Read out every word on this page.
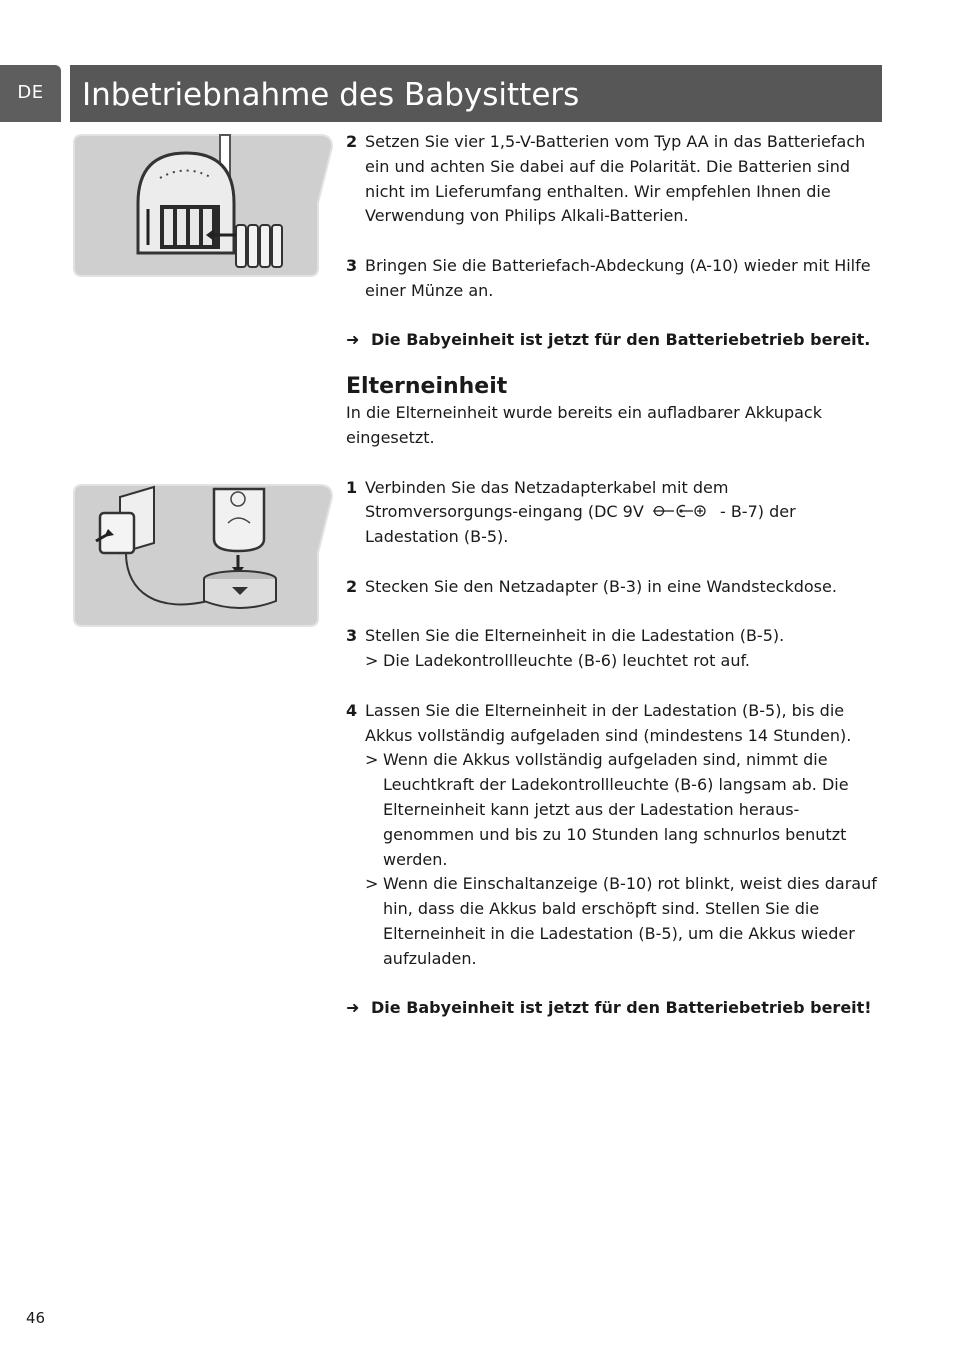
DE	Inbetriebnahme des Babysitters
2 Setzen Sie vier 1,5-V-Batterien vom Typ AA in das Batteriefach ein und achten Sie dabei auf die Polarität. Die Batterien sind nicht im Lieferumfang enthalten. Wir empfehlen Ihnen die Verwendung von Philips Alkali-Batterien.
3 Bringen Sie die Batteriefach-Abdeckung (A-10) wieder mit Hilfe einer Münze an.
➜ Die Babyeinheit ist jetzt für den Batteriebetrieb bereit.
Elterneinheit
In die Elterneinheit wurde bereits ein aufladbarer Akkupack eingesetzt.
1 Verbinden Sie das Netzadapterkabel mit dem Stromversorgungs-eingang (DC 9V	- B-7) der Ladestation (B-5).
2 Stecken Sie den Netzadapter (B-3) in eine Wandsteckdose.
3 Stellen Sie die Elterneinheit in die Ladestation (B-5).
> Die Ladekontrollleuchte (B-6) leuchtet rot auf.
4 Lassen Sie die Elterneinheit in der Ladestation (B-5), bis die Akkus vollständig aufgeladen sind (mindestens 14 Stunden).
> Wenn die Akkus vollständig aufgeladen sind, nimmt die Leuchtkraft der Ladekontrollleuchte (B-6) langsam ab. Die Elterneinheit kann jetzt aus der Ladestation heraus-genommen und bis zu 10 Stunden lang schnurlos benutzt werden.
> Wenn die Einschaltanzeige (B-10) rot blinkt, weist dies darauf hin, dass die Akkus bald erschöpft sind. Stellen Sie die Elterneinheit in die Ladestation (B-5), um die Akkus wieder aufzuladen.
➜ Die Babyeinheit ist jetzt für den Batteriebetrieb bereit!
46
